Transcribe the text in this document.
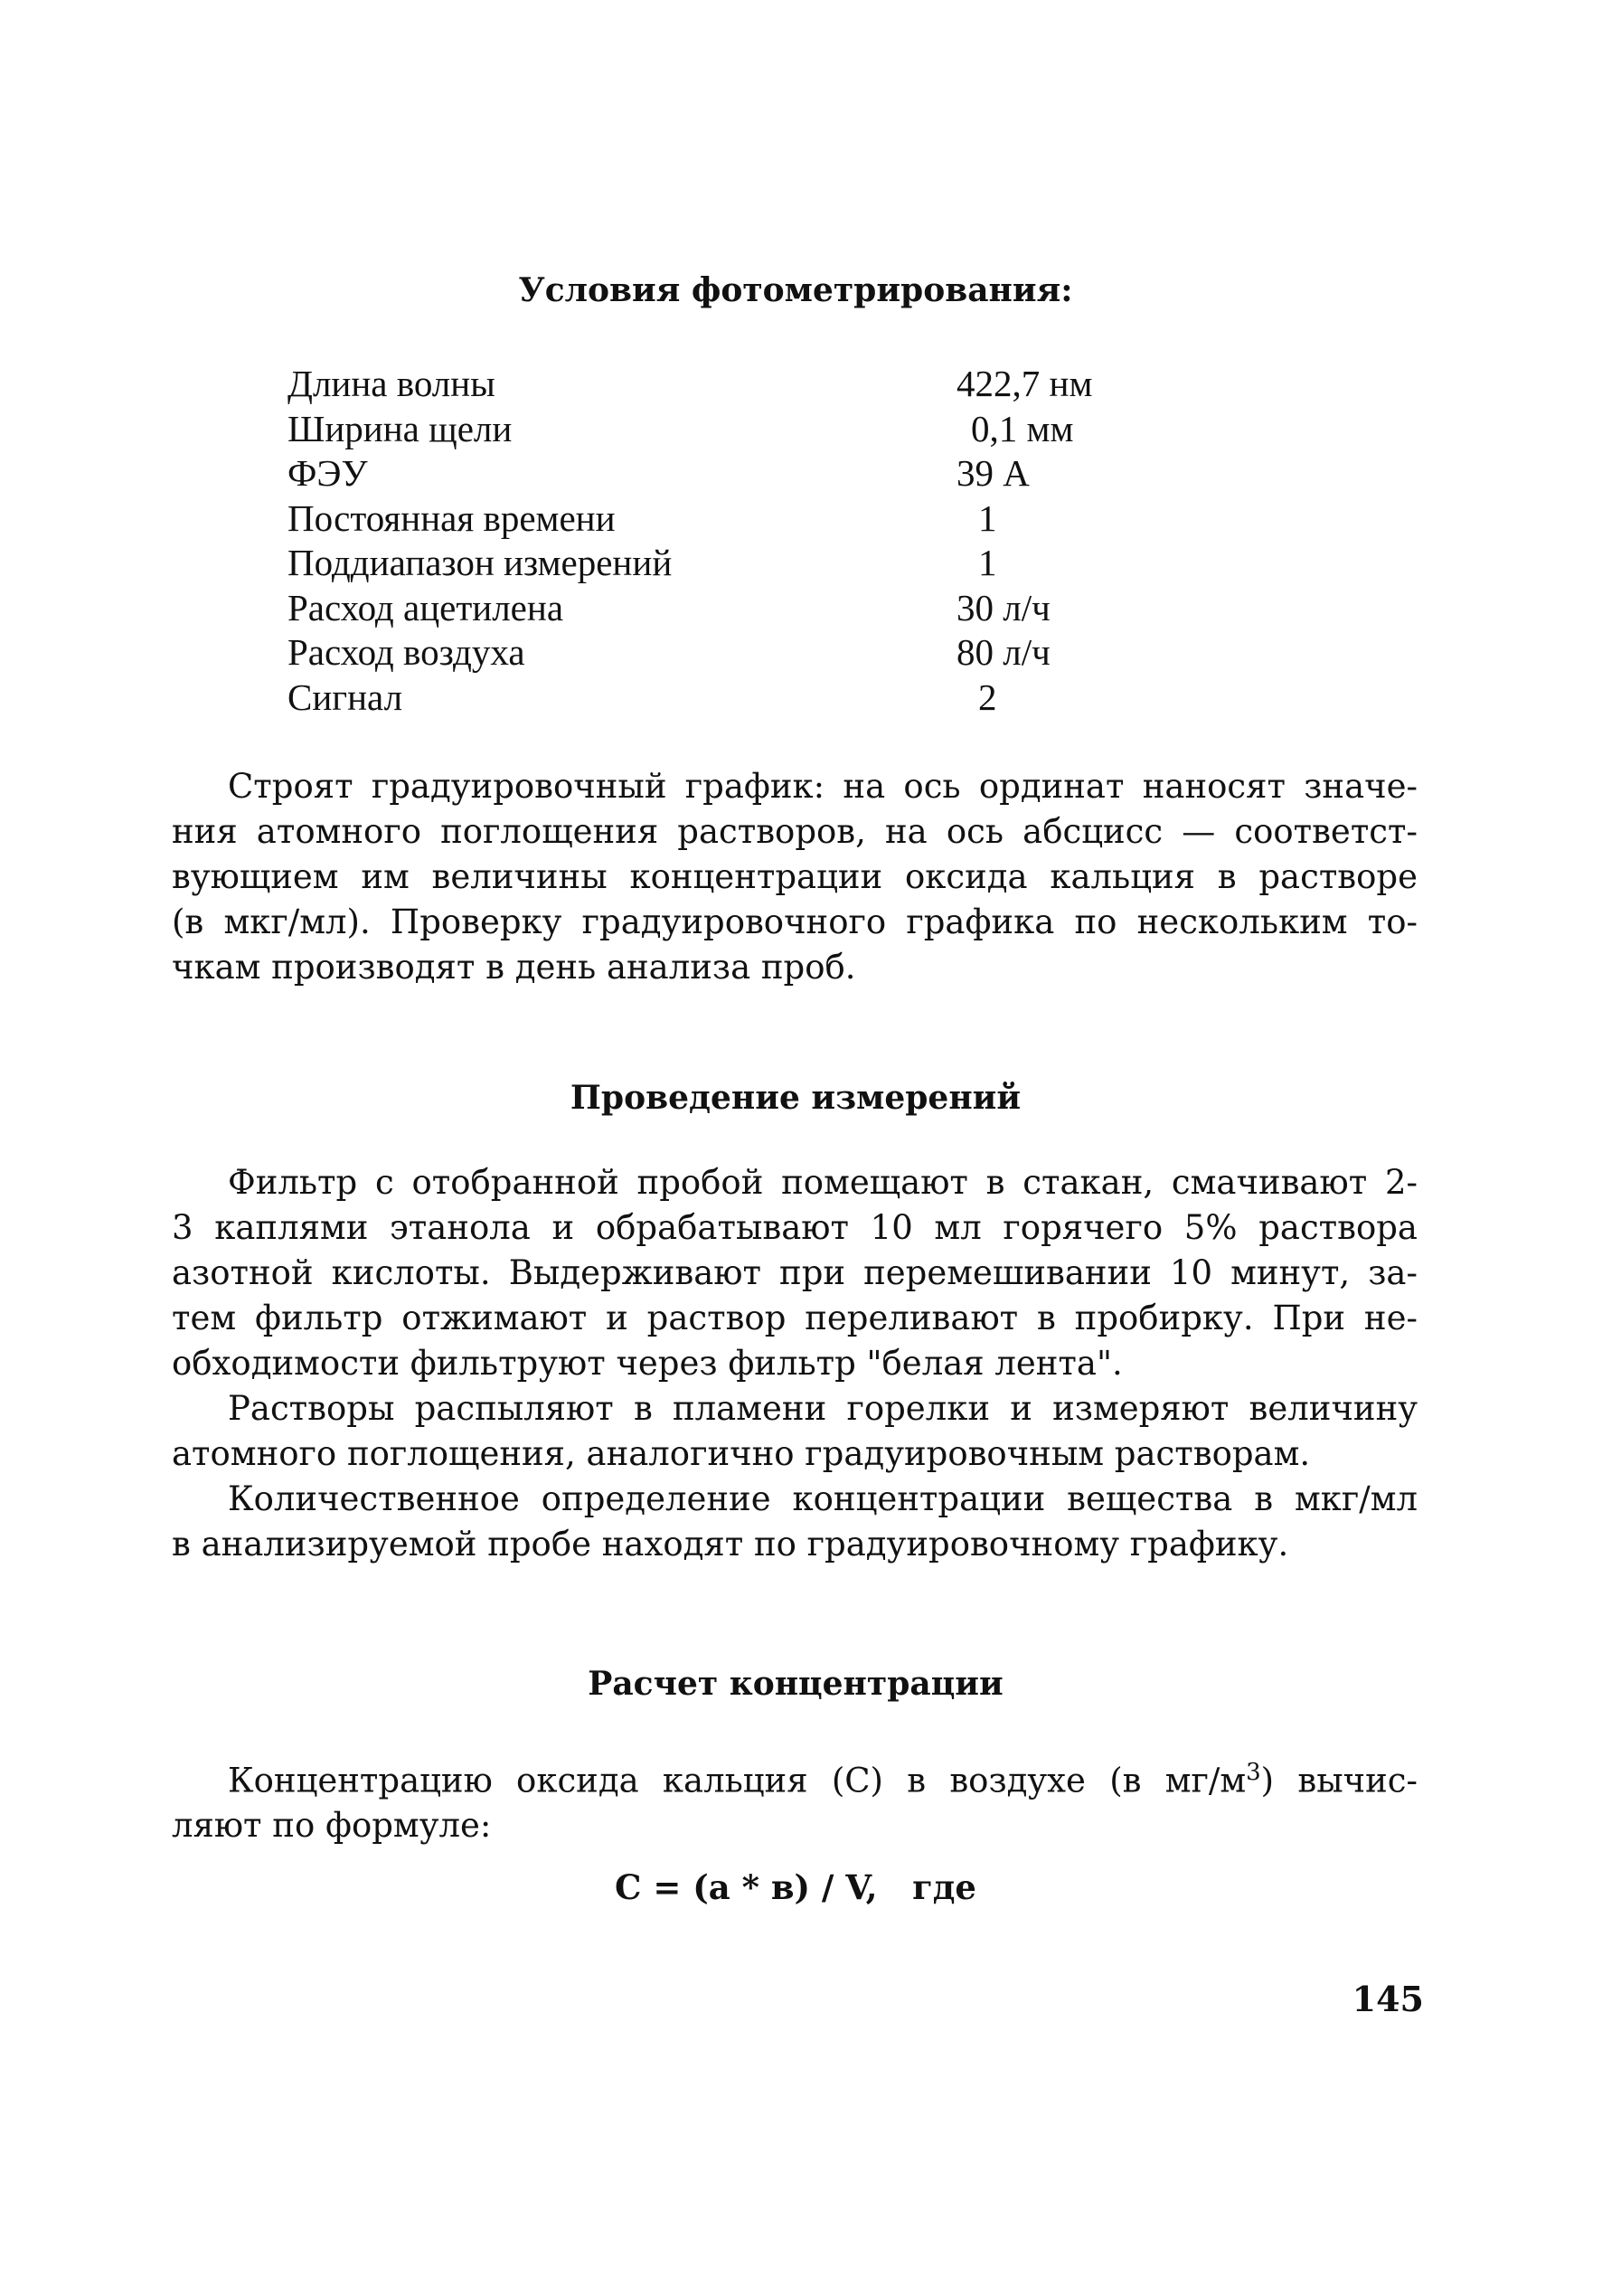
Условия фотометрирования:
Длина волны	422,7 нм
Ширина щели	0,1 мм
ФЭУ	39 А
Постоянная времени	1
Поддиапазон измерений	1
Расход ацетилена	30 л/ч
Расход воздуха	80 л/ч
Сигнал	2

Строят градуировочный график: на ось ординат наносят значе-
ния атомного поглощения растворов, на ось абсцисс — соответст-
вующием им величины концентрации оксида кальция в растворе
(в мкг/мл). Проверку градуировочного графика по нескольким то-
чкам производят в день анализа проб.

Проведение измерений

Фильтр с отобранной пробой помещают в стакан, смачивают 2-
3 каплями этанола и обрабатывают 10 мл горячего 5% раствора
азотной кислоты. Выдерживают при перемешивании 10 минут, за-
тем фильтр отжимают и раствор переливают в пробирку. При не-
обходимости фильтруют через фильтр "белая лента".

Растворы распыляют в пламени горелки и измеряют величину
атомного поглощения, аналогично градуировочным растворам.

Количественное определение концентрации вещества в мкг/мл
в анализируемой пробе находят по градуировочному графику.

Расчет концентрации

Концентрацию оксида кальция (С) в воздухе (в $мг/м^3$) вычис-
ляют по формуле:

С = (а * в) / V,   где

145
